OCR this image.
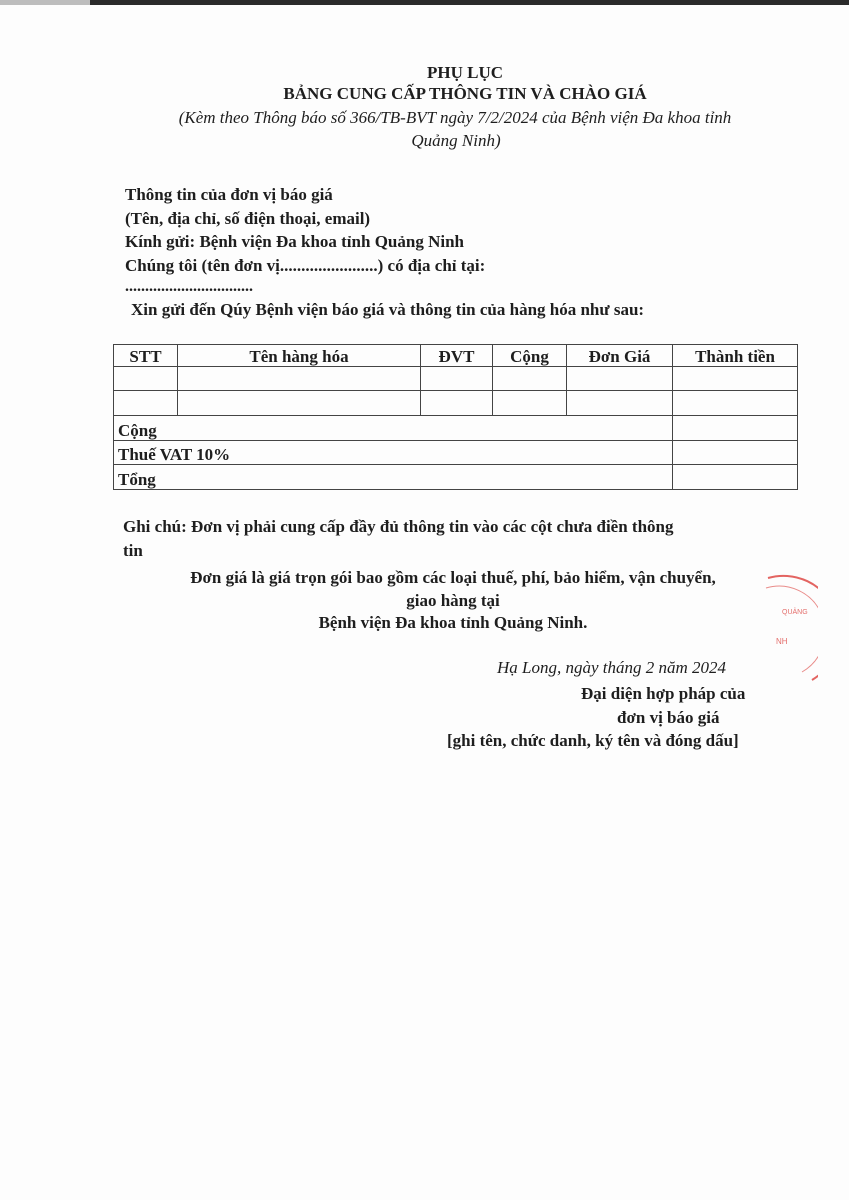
PHỤ LỤC
BẢNG CUNG CẤP THÔNG TIN VÀ CHÀO GIÁ
(Kèm theo Thông báo số 366/TB-BVT ngày 7/2/2024 của Bệnh viện Đa khoa tỉnh
Quảng Ninh)
Thông tin của đơn vị báo giá
(Tên, địa chỉ, số điện thoại, email)
Kính gửi: Bệnh viện Đa khoa tỉnh Quảng Ninh
Chúng tôi (tên đơn vị.......................) có địa chỉ tại:
................................
Xin gửi đến Qúy Bệnh viện báo giá và thông tin của hàng hóa như sau:
STT	Tên hàng hóa	ĐVT	Cộng	Đơn Giá	Thành tiền

Cộng					
Thuế VAT 10%					
Tổng					
Ghi chú: Đơn vị phải cung cấp đầy đủ thông tin vào các cột chưa điền thông
tin
Đơn giá là giá trọn gói bao gồm các loại thuế, phí, bảo hiểm, vận chuyển,
giao hàng tại
Bệnh viện Đa khoa tỉnh Quảng Ninh.
Hạ Long, ngày tháng 2 năm 2024
Đại diện hợp pháp của
đơn vị báo giá
[ghi tên, chức danh, ký tên và đóng dấu]
QUẢNG
NH
